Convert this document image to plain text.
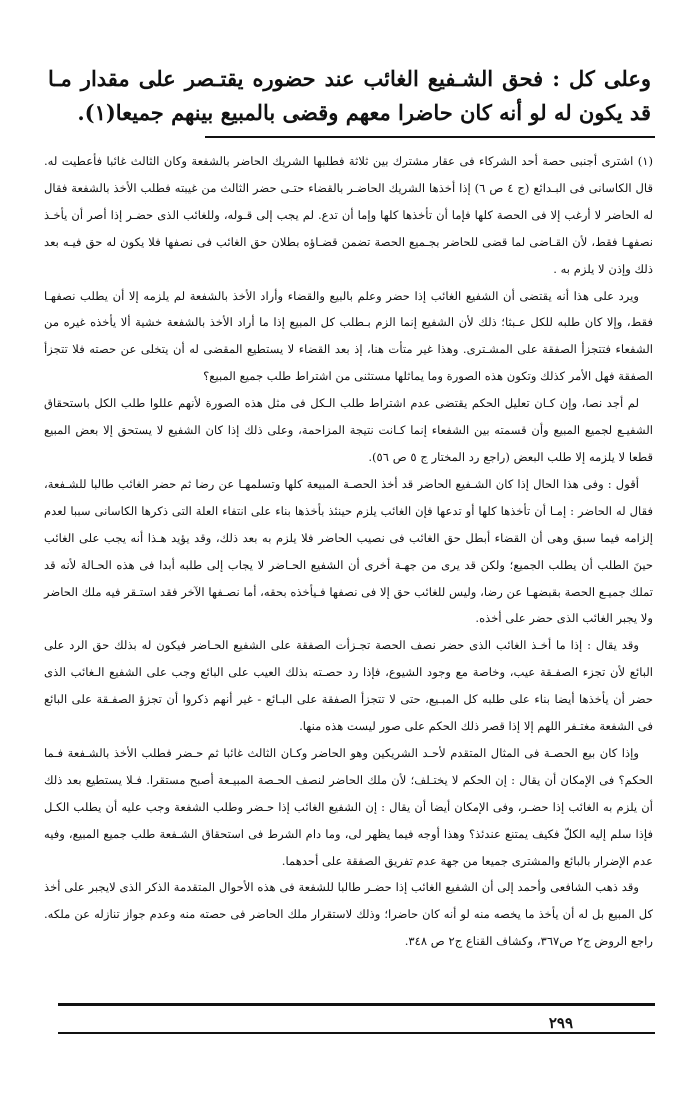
وعلى كل : فحق الشـفيع الغائب عند حضوره يقتـصر على مقدار مـا قد يكون له لو أنه كان حاضرا معهم وقضى بالمبيع بينهم جميعا(١).

(١) اشترى أجنبى حصة أحد الشركاء فى عقار مشترك بين ثلاثة فطلبها الشريك الحاضر بالشفعة وكان الثالث غائبا فأعطيت له. قال الكاسانى فى البـدائع (ج ٤ ص ٦) إذا أخذها الشريك الحاضـر بالقضاء حتـى حضر الثالث من غيبته فطلب الأخذ بالشفعة فقال له الحاضر لا أرغب إلا فى الحصة كلها فإما أن تأخذها كلها وإما أن تدع. لم يجب إلى قـوله، وللغائب الذى حضـر إذا أصر أن يأخـذ نصفهـا فقط، لأن القـاضى لما قضى للحاضر بجـميع الحصة تضمن قضـاؤه بطلان حق الغائب فى نصفها فلا يكون له حق فيـه بعد ذلك وإذن لا يلزم به .

ويرد على هذا أنه يقتضى أن الشفيع الغائب إذا حضر وعلم بالبيع والقضاء وأراد الأخذ بالشفعة لم يلزمه إلا أن يطلب نصفهـا فقط، وإلا كان طلبه للكل عـبثا؛ ذلك لأن الشفيع إنما الزم بـطلب كل المبيع إذا ما أراد الأخذ بالشفعة خشية ألا يأخذه غيره من الشفعاء فتتجزأ الصفقة على المشـترى. وهذا غير متأت هنا، إذ بعد القضاء لا يستطيع المقضى له أن يتخلى عن حصته فلا تتجزأ الصفقة فهل الأمر كذلك وتكون هذه الصورة وما يماثلها مستثنى من اشتراط طلب جميع المبيع؟

لم أجد نصا، وإن كـان تعليل الحكم يقتضى عدم اشتراط طلب الـكل فى مثل هذه الصورة لأنهم عللوا طلب الكل باستحقاق الشفيـع لجميع المبيع وأن قسمته بين الشفعاء إنما كـانت نتيجة المزاحمة، وعلى ذلك إذا كان الشفيع لا يستحق إلا بعض المبيع قطعا لا يلزمه إلا طلب البعض (راجع رد المختار ج ٥ ص ٥٦).

أقول : وفى هذا الحال إذا كان الشـفيع الحاضر قد أخذ الحصـة المبيعة كلها وتسلمهـا عن رضا ثم حضر الغائب طالبا للشـفعة، فقال له الحاضر : إمـا أن تأخذها كلها أو تدعها فإن الغائب يلزم حينئذ بأخذها بناء على انتفاء العلة التى ذكرها الكاسانى سببا لعدم إلزامه فيما سبق وهى أن القضاء أبطل حق الغائب فى نصيب الحاضر فلا يلزم به بعد ذلك، وقد يؤيد هـذا أنه يجب على الغائب حينَ الطلب أن يطلب الجميع؛ ولكن قد يرى من جهـة أخرى أن الشفيع الحـاضر لا يجاب إلى طلبه أبدا فى هذه الحـالة لأنه قد تملك جميـع الحصة بقبضهـا عن رضا، وليس للغائب حق إلا فى نصفها فـيأخذه بحقه، أما نصـفها الآخر فقد استـقر فيه ملك الحاضر ولا يجبر الغائب الذى حضر على أخذه.

وقد يقال : إذا ما أخـذ الغائب الذى حضر نصف الحصة تجـزأت الصفقة على الشفيع الحـاضر فيكون له بذلك حق الرد على البائع لأن تجزء الصفـقة عيب، وخاصة مع وجود الشيوع، فإذا رد حصـته بذلك العيب على البائع وجب على الشفيع الـغائب الذى حضر أن يأخذها أيضا بناء على طلبه كل المبـيع، حتى لا تتجزأ الصفقة على البـائع - غير أنهم ذكروا أن تجزؤ الصفـقة على البائع فى الشفعة مغتـفر اللهم إلا إذا قصر ذلك الحكم على صور ليست هذه منها.

وإذا كان بيع الحصـة فى المثال المتقدم لأحـد الشريكين وهو الحاضر وكـان الثالث غائبا ثم حـضر فطلب الأخذ بالشـفعة فـما الحكم؟ فى الإمكان أن يقال : إن الحكم لا يختـلف؛ لأن ملك الحاضر لنصف الحـصة المبيـعة أصبح مستقرا. فـلا يستطيع بعد ذلك أن يلزم به الغائب إذا حضـر، وفى الإمكان أيضا أن يقال : إن الشفيع الغائب إذا حـضر وطلب الشفعة وجب عليه أن يطلب الكـل فإذا سلم إليه الكلّ فكيف يمتنع عندئذ؟ وهذا أوجه فيما يظهر لى، وما دام الشرط فى استحقاق الشـفعة طلب جميع المبيع، وفيه عدم الإضرار بالبائع والمشترى جميعا من جهة عدم تفريق الصفقة على أحدهما.

وقد ذهب الشافعى وأحمد إلى أن الشفيع الغائب إذا حضـر طالبا للشفعة فى هذه الأحوال المتقدمة الذكر الذى لايجبر على أخذ كل المبيع بل له أن يأخذ ما يخصه منه لو أنه كان حاضرا؛ وذلك لاستقرار ملك الحاضر فى حصته منه وعدم جواز تنازله عن ملكه. راجع الروض ج٢ ص٣٦٧، وكشاف القناع ج٢ ص ٣٤٨.

٢٩٩
